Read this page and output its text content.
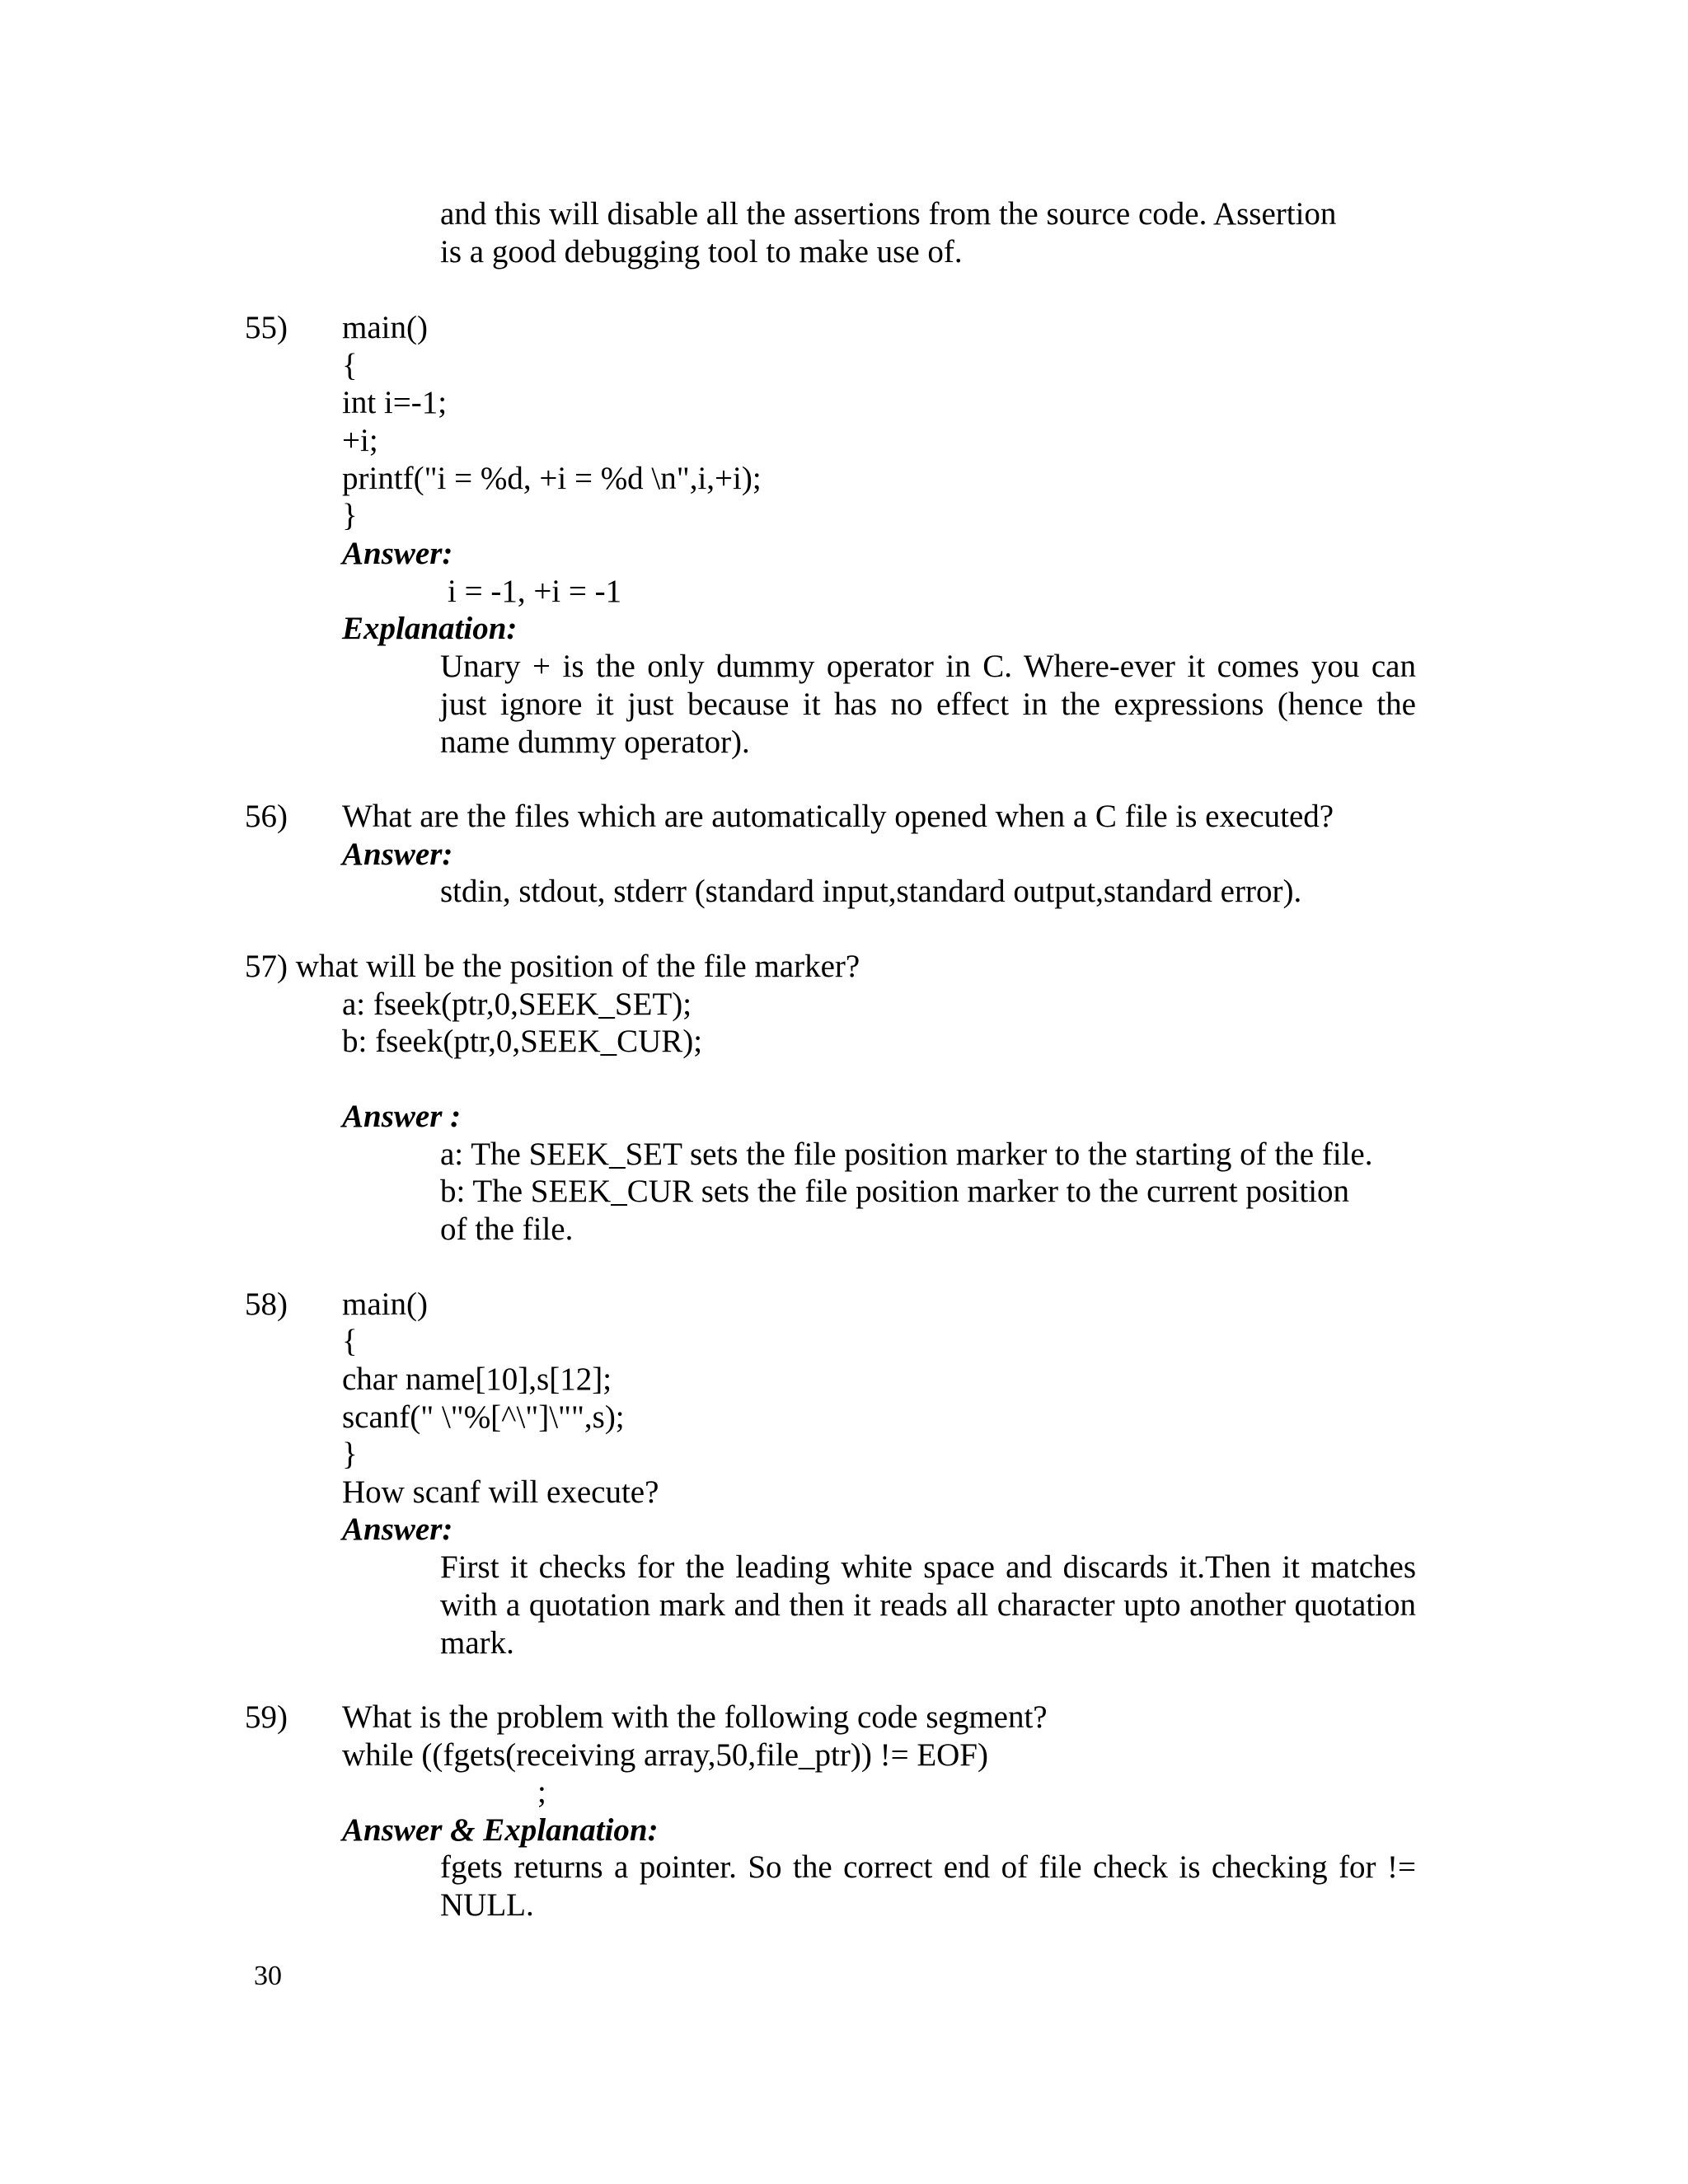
and this will disable all the assertions from the source code. Assertion

is a good debugging tool to make use of.

55) main()

{

int i=-1;

+i;

printf("i = %d, +i = %d \n",i,+i);

}

Answer:

i = -1, +i = -1

Explanation:

Unary + is the only dummy operator in C. Where-ever it comes you can just ignore it just because it has no effect in the expressions (hence the name dummy operator).

56) What are the files which are automatically opened when a C file is executed?

Answer:

stdin, stdout, stderr (standard input,standard output,standard error).

57) what will be the position of the file marker?

a: fseek(ptr,0,SEEK_SET);

b: fseek(ptr,0,SEEK_CUR);

Answer :

a: The SEEK_SET sets the file position marker to the starting of the file.

b: The SEEK_CUR sets the file position marker to the current position

of the file.

58) main()

{

char name[10],s[12];

scanf(" \"%[^\"]\"",s);

}

How scanf will execute?

Answer:

First it checks for the leading white space and discards it.Then it matches with a quotation mark and then it reads all character upto another quotation mark.

59) What is the problem with the following code segment?

while ((fgets(receiving array,50,file_ptr)) != EOF)

;

Answer & Explanation:

fgets returns a pointer. So the correct end of file check is checking for != NULL.

30
